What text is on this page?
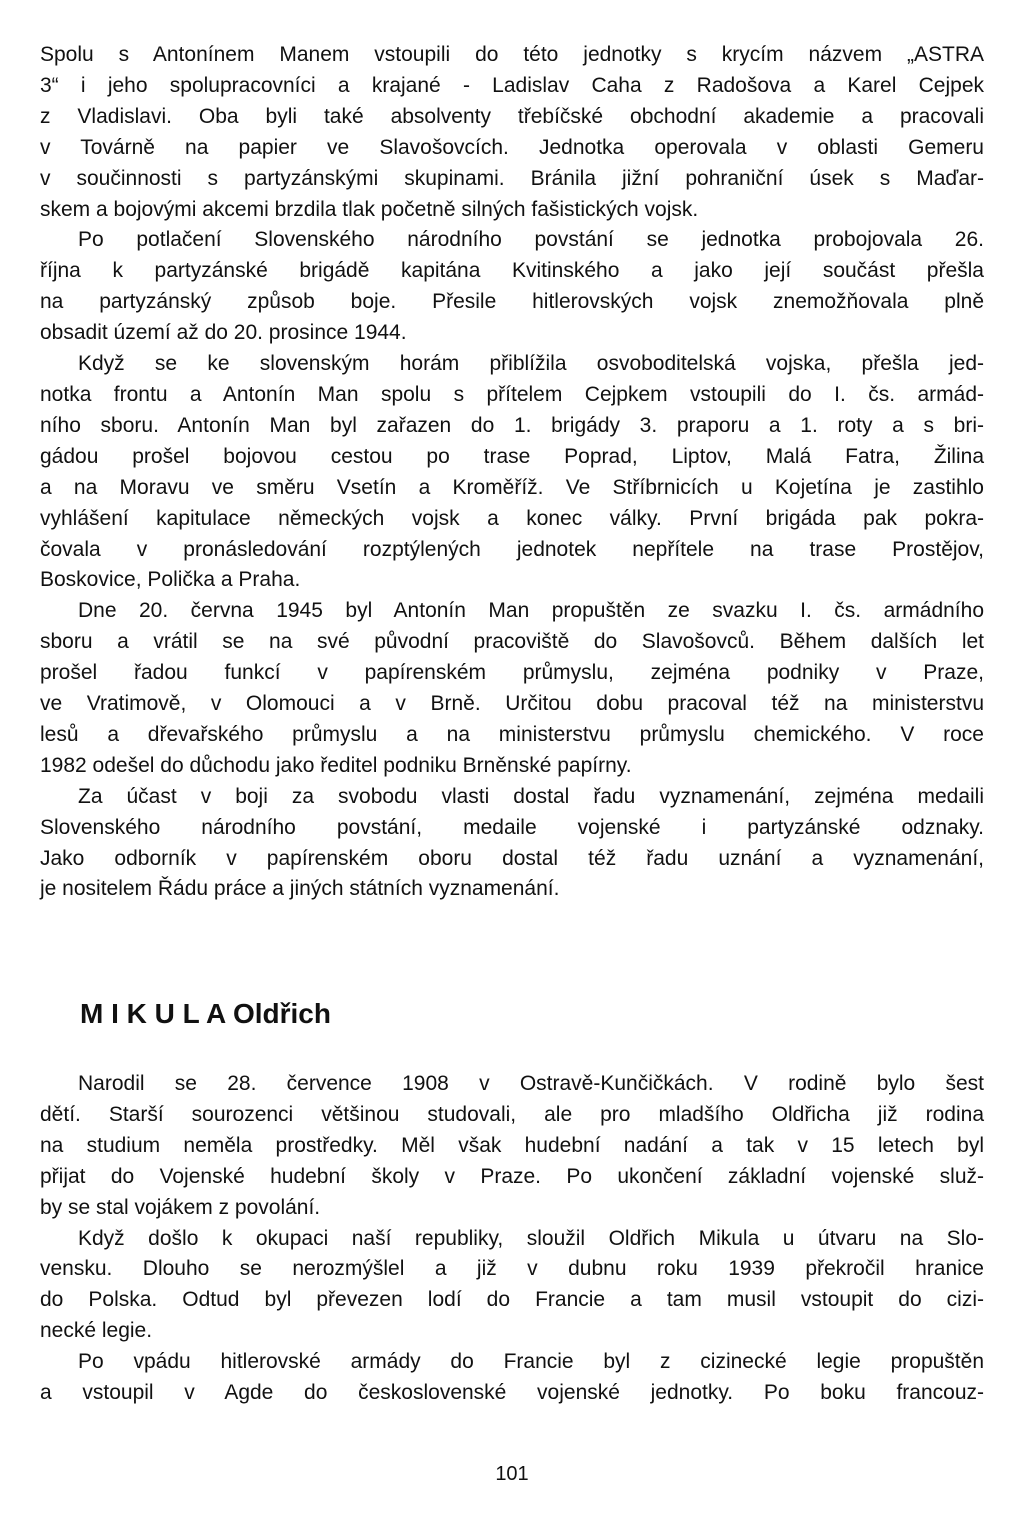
Spolu s Antonínem Manem vstoupili do této jednotky s krycím názvem „ASTRA
3“ i jeho spolupracovníci a krajané - Ladislav Caha z Radošova a Karel Cejpek
z Vladislavi. Oba byli také absolventy třebíčské obchodní akademie a pracovali
v Továrně na papier ve Slavošovcích. Jednotka operovala v oblasti Gemeru
v součinnosti s partyzánskými skupinami. Bránila jižní pohraniční úsek s Maďar-
skem a bojovými akcemi brzdila tlak početně silných fašistických vojsk.
Po potlačení Slovenského národního povstání se jednotka probojovala 26.
října k partyzánské brigádě kapitána Kvitinského a jako její součást přešla
na partyzánský způsob boje. Přesile hitlerovských vojsk znemožňovala plně
obsadit území až do 20. prosince 1944.
Když se ke slovenským horám přiblížila osvoboditelská vojska, přešla jed-
notka frontu a Antonín Man spolu s přítelem Cejpkem vstoupili do I. čs. armád-
ního sboru. Antonín Man byl zařazen do 1. brigády 3. praporu a 1. roty a s bri-
gádou prošel bojovou cestou po trase Poprad, Liptov, Malá Fatra, Žilina
a na Moravu ve směru Vsetín a Kroměříž. Ve Stříbrnicích u Kojetína je zastihlo
vyhlášení kapitulace německých vojsk a konec války. První brigáda pak pokra-
čovala v pronásledování rozptýlených jednotek nepřítele na trase Prostějov,
Boskovice, Polička a Praha.
Dne 20. června 1945 byl Antonín Man propuštěn ze svazku I. čs. armádního
sboru a vrátil se na své původní pracoviště do Slavošovců. Během dalších let
prošel řadou funkcí v papírenském průmyslu, zejména podniky v Praze,
ve Vratimově, v Olomouci a v Brně. Určitou dobu pracoval též na ministerstvu
lesů a dřevařského průmyslu a na ministerstvu průmyslu chemického. V roce
1982 odešel do důchodu jako ředitel podniku Brněnské papírny.
Za účast v boji za svobodu vlasti dostal řadu vyznamenání, zejména medaili
Slovenského národního povstání, medaile vojenské i partyzánské odznaky.
Jako odborník v papírenském oboru dostal též řadu uznání a vyznamenání,
je nositelem Řádu práce a jiných státních vyznamenání.
M I K U L A Oldřich
Narodil se 28. července 1908 v Ostravě-Kunčičkách. V rodině bylo šest
dětí. Starší sourozenci většinou studovali, ale pro mladšího Oldřicha již rodina
na studium neměla prostředky. Měl však hudební nadání a tak v 15 letech byl
přijat do Vojenské hudební školy v Praze. Po ukončení základní vojenské služ-
by se stal vojákem z povolání.
Když došlo k okupaci naší republiky, sloužil Oldřich Mikula u útvaru na Slo-
vensku. Dlouho se nerozmýšlel a již v dubnu roku 1939 překročil hranice
do Polska. Odtud byl převezen lodí do Francie a tam musil vstoupit do cizi-
necké legie.
Po vpádu hitlerovské armády do Francie byl z cizinecké legie propuštěn
a vstoupil v Agde do československé vojenské jednotky. Po boku francouz-
101
